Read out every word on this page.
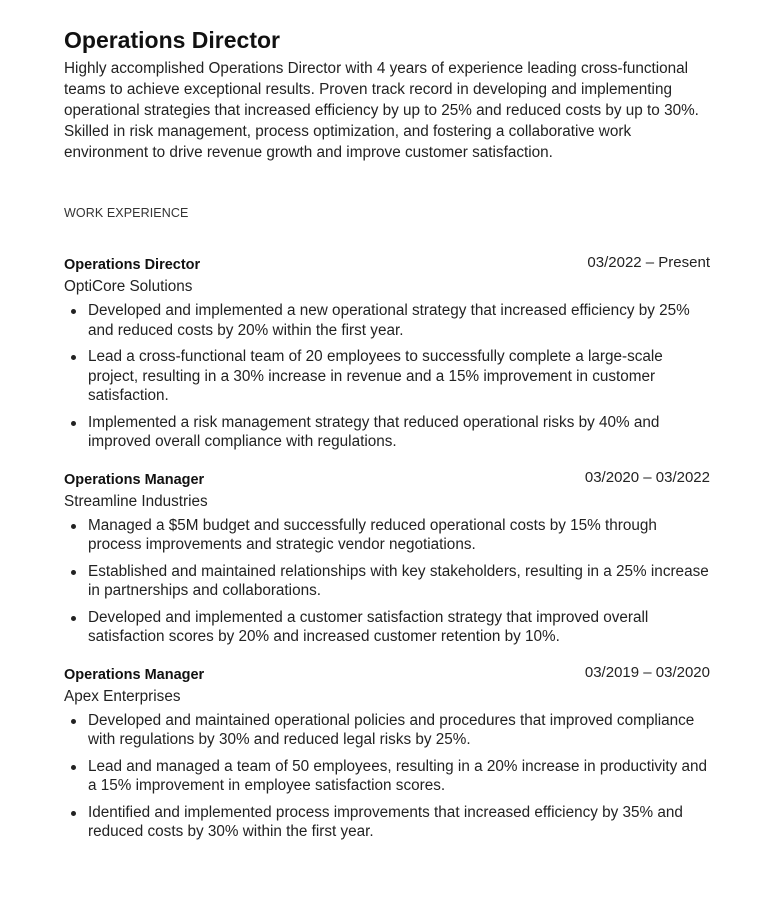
Operations Director

Highly accomplished Operations Director with 4 years of experience leading cross-functional teams to achieve exceptional results. Proven track record in developing and implementing operational strategies that increased efficiency by up to 25% and reduced costs by up to 30%. Skilled in risk management, process optimization, and fostering a collaborative work environment to drive revenue growth and improve customer satisfaction.

WORK EXPERIENCE
Operations Director	03/2022 – Present
OptiCore Solutions
Developed and implemented a new operational strategy that increased efficiency by 25% and reduced costs by 20% within the first year.
Lead a cross-functional team of 20 employees to successfully complete a large-scale project, resulting in a 30% increase in revenue and a 15% improvement in customer satisfaction.
Implemented a risk management strategy that reduced operational risks by 40% and improved overall compliance with regulations.
Operations Manager	03/2020 – 03/2022
Streamline Industries
Managed a $5M budget and successfully reduced operational costs by 15% through process improvements and strategic vendor negotiations.
Established and maintained relationships with key stakeholders, resulting in a 25% increase in partnerships and collaborations.
Developed and implemented a customer satisfaction strategy that improved overall satisfaction scores by 20% and increased customer retention by 10%.
Operations Manager	03/2019 – 03/2020
Apex Enterprises
Developed and maintained operational policies and procedures that improved compliance with regulations by 30% and reduced legal risks by 25%.
Lead and managed a team of 50 employees, resulting in a 20% increase in productivity and a 15% improvement in employee satisfaction scores.
Identified and implemented process improvements that increased efficiency by 35% and reduced costs by 30% within the first year.
